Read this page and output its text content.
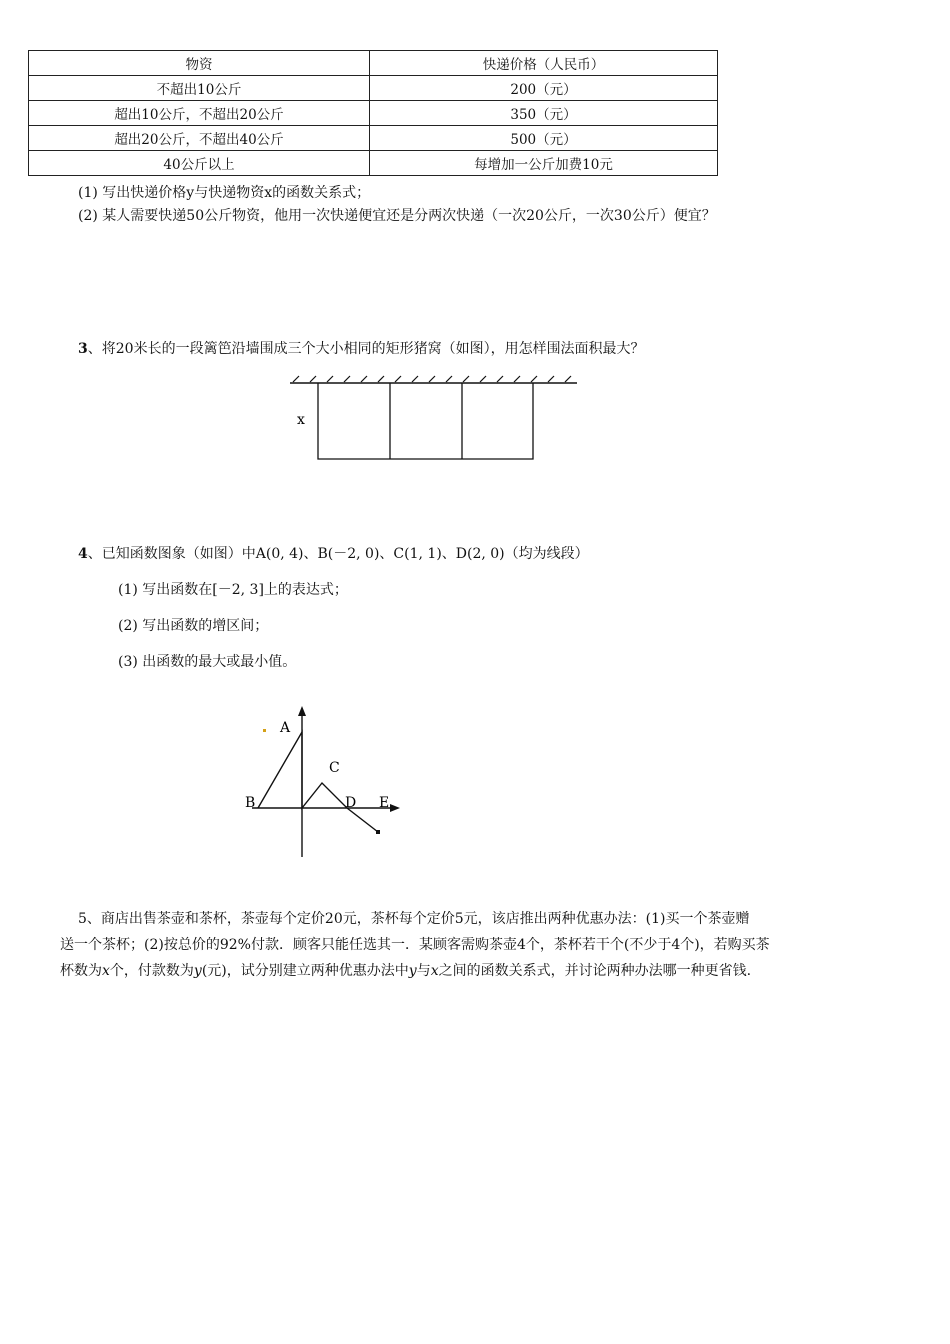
物资	快递价格（人民币）
不超出10公斤	200（元）
超出10公斤，不超出20公斤	350（元）
超出20公斤，不超出40公斤	500（元）
40公斤以上	每增加一公斤加费10元
(1) 写出快递价格y与快递物资x的函数关系式；
(2) 某人需要快递50公斤物资，他用一次快递便宜还是分两次快递（一次20公斤，一次30公斤）便宜？
3、将20米长的一段篱笆沿墙围成三个大小相同的矩形猪窝（如图），用怎样围法面积最大？
x
4、已知函数图象（如图）中A(0, 4)、B(－2, 0)、C(1, 1)、D(2, 0)（均为线段）
(1) 写出函数在[－2, 3]上的表达式；
(2) 写出函数的增区间；
(3) 出函数的最大或最小值。
A
B
C
D E
5、商店出售茶壶和茶杯，茶壶每个定价20元，茶杯每个定价5元，该店推出两种优惠办法：(1)买一个茶壶赠
送一个茶杯；(2)按总价的92%付款．顾客只能任选其一．某顾客需购茶壶4个，茶杯若干个(不少于4个)，若购买茶
杯数为x个，付款数为y(元)，试分别建立两种优惠办法中y与x之间的函数关系式，并讨论两种办法哪一种更省钱.
